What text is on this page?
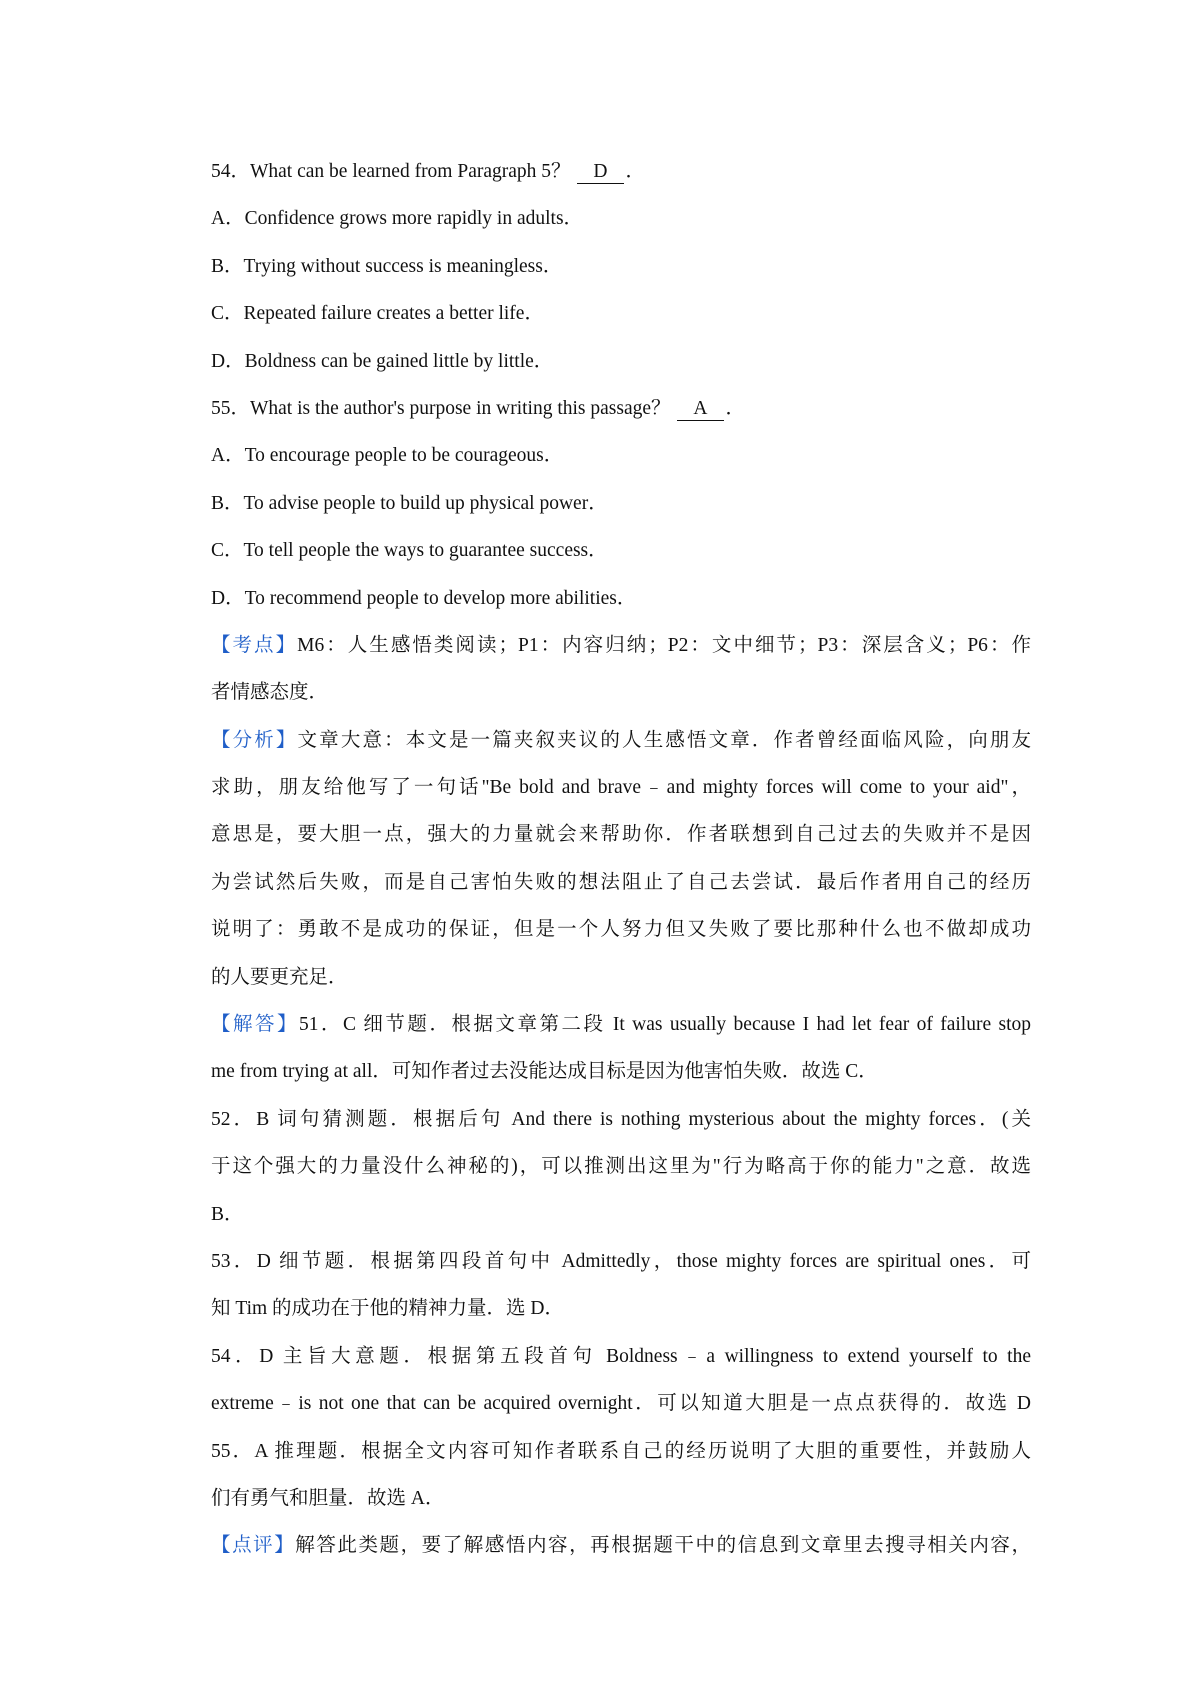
54．What can be learned from Paragraph 5？ D ．
A．Confidence grows more rapidly in adults．
B．Trying without success is meaningless．
C．Repeated failure creates a better life．
D．Boldness can be gained little by little．
55．What is the author's purpose in writing this passage？ A ．
A．To encourage people to be courageous．
B．To advise people to build up physical power．
C．To tell people the ways to guarantee success．
D．To recommend people to develop more abilities．
【考点】M6：人生感悟类阅读；P1：内容归纳；P2：文中细节；P3：深层含义；P6：作
者情感态度．
【分析】文章大意：本文是一篇夹叙夹议的人生感悟文章．作者曾经面临风险，向朋友
求助，朋友给他写了一句话"Be bold and brave﹣and mighty forces will come to your aid"，
意思是，要大胆一点，强大的力量就会来帮助你．作者联想到自己过去的失败并不是因
为尝试然后失败，而是自己害怕失败的想法阻止了自己去尝试．最后作者用自己的经历
说明了：勇敢不是成功的保证，但是一个人努力但又失败了要比那种什么也不做却成功
的人要更充足．
【解答】51．C 细节题．根据文章第二段 It was usually because I had let fear of failure stop
me from trying at all．可知作者过去没能达成目标是因为他害怕失败．故选 C．
52．B 词句猜测题．根据后句 And there is nothing mysterious about the mighty forces．(关
于这个强大的力量没什么神秘的)，可以推测出这里为"行为略高于你的能力"之意．故选
B．
53．D 细节题．根据第四段首句中 Admittedly，those mighty forces are spiritual ones．可
知 Tim 的成功在于他的精神力量．选 D．
54．D 主旨大意题．根据第五段首句 Boldness﹣a willingness to extend yourself to the
extreme﹣is not one that can be acquired overnight．可以知道大胆是一点点获得的．故选 D
55．A 推理题．根据全文内容可知作者联系自己的经历说明了大胆的重要性，并鼓励人
们有勇气和胆量．故选 A．
【点评】解答此类题，要了解感悟内容，再根据题干中的信息到文章里去搜寻相关内容，
